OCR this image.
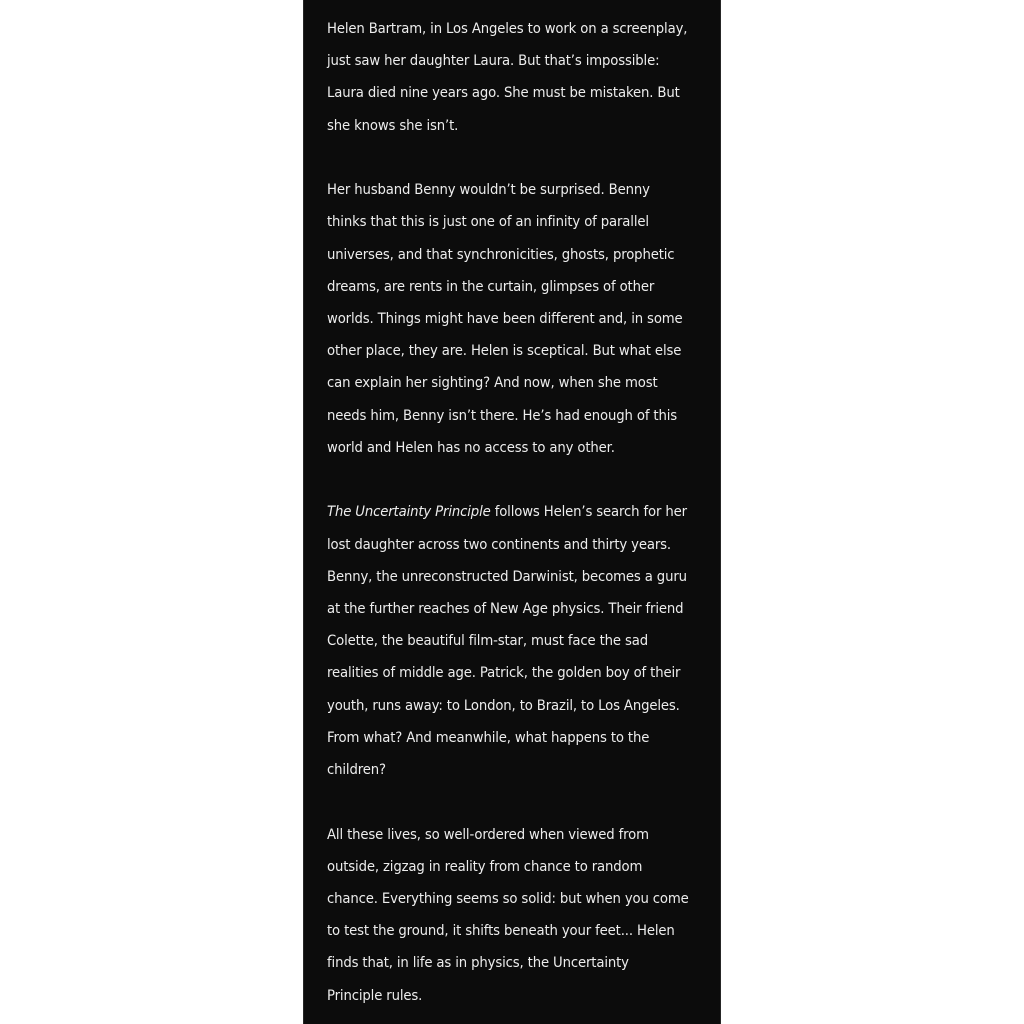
Helen Bartram, in Los Angeles to work on a screenplay,
just saw her daughter Laura. But that’s impossible:
Laura died nine years ago. She must be mistaken. But
she knows she isn’t.

Her husband Benny wouldn’t be surprised. Benny
thinks that this is just one of an infinity of parallel
universes, and that synchronicities, ghosts, prophetic
dreams, are rents in the curtain, glimpses of other
worlds. Things might have been different and, in some
other place, they are. Helen is sceptical. But what else
can explain her sighting? And now, when she most
needs him, Benny isn’t there. He’s had enough of this
world and Helen has no access to any other.

The Uncertainty Principle follows Helen’s search for her
lost daughter across two continents and thirty years.
Benny, the unreconstructed Darwinist, becomes a guru
at the further reaches of New Age physics. Their friend
Colette, the beautiful film-star, must face the sad
realities of middle age. Patrick, the golden boy of their
youth, runs away: to London, to Brazil, to Los Angeles.
From what? And meanwhile, what happens to the
children?

All these lives, so well-ordered when viewed from
outside, zigzag in reality from chance to random
chance. Everything seems so solid: but when you come
to test the ground, it shifts beneath your feet... Helen
finds that, in life as in physics, the Uncertainty
Principle rules.
